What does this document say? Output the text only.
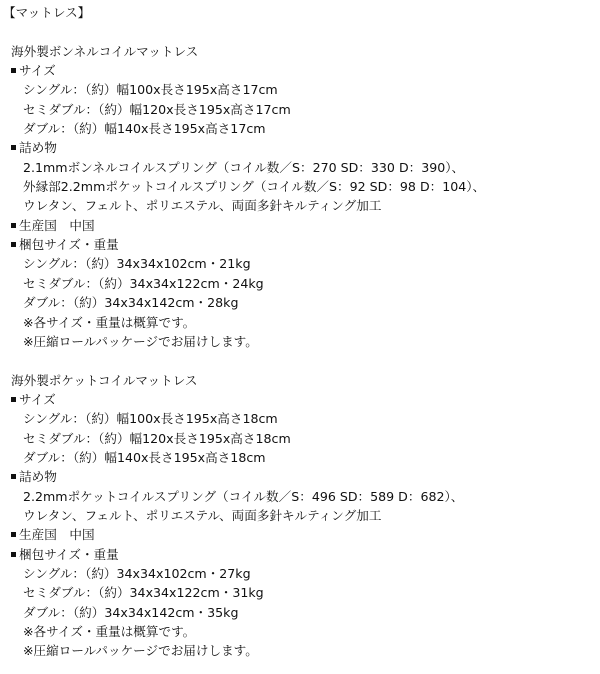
【マットレス】
海外製ボンネルコイルマットレス
サイズ
シングル：（約）幅100x長さ195x高さ17cm
セミダブル：（約）幅120x長さ195x高さ17cm
ダブル：（約）幅140x長さ195x高さ17cm
詰め物
2.1mmボンネルコイルスプリング（コイル数／S：270 SD：330 D：390）、
外縁部2.2mmポケットコイルスプリング（コイル数／S：92 SD：98 D：104）、
ウレタン、フェルト、ポリエステル、両面多針キルティング加工
生産国　中国
梱包サイズ・重量
シングル：（約）34x34x102cm・21kg
セミダブル：（約）34x34x122cm・24kg
ダブル：（約）34x34x142cm・28kg
※各サイズ・重量は概算です。
※圧縮ロールパッケージでお届けします。
海外製ポケットコイルマットレス
サイズ
シングル：（約）幅100x長さ195x高さ18cm
セミダブル：（約）幅120x長さ195x高さ18cm
ダブル：（約）幅140x長さ195x高さ18cm
詰め物
2.2mmポケットコイルスプリング（コイル数／S：496 SD：589 D：682）、
ウレタン、フェルト、ポリエステル、両面多針キルティング加工
生産国　中国
梱包サイズ・重量
シングル：（約）34x34x102cm・27kg
セミダブル：（約）34x34x122cm・31kg
ダブル：（約）34x34x142cm・35kg
※各サイズ・重量は概算です。
※圧縮ロールパッケージでお届けします。
